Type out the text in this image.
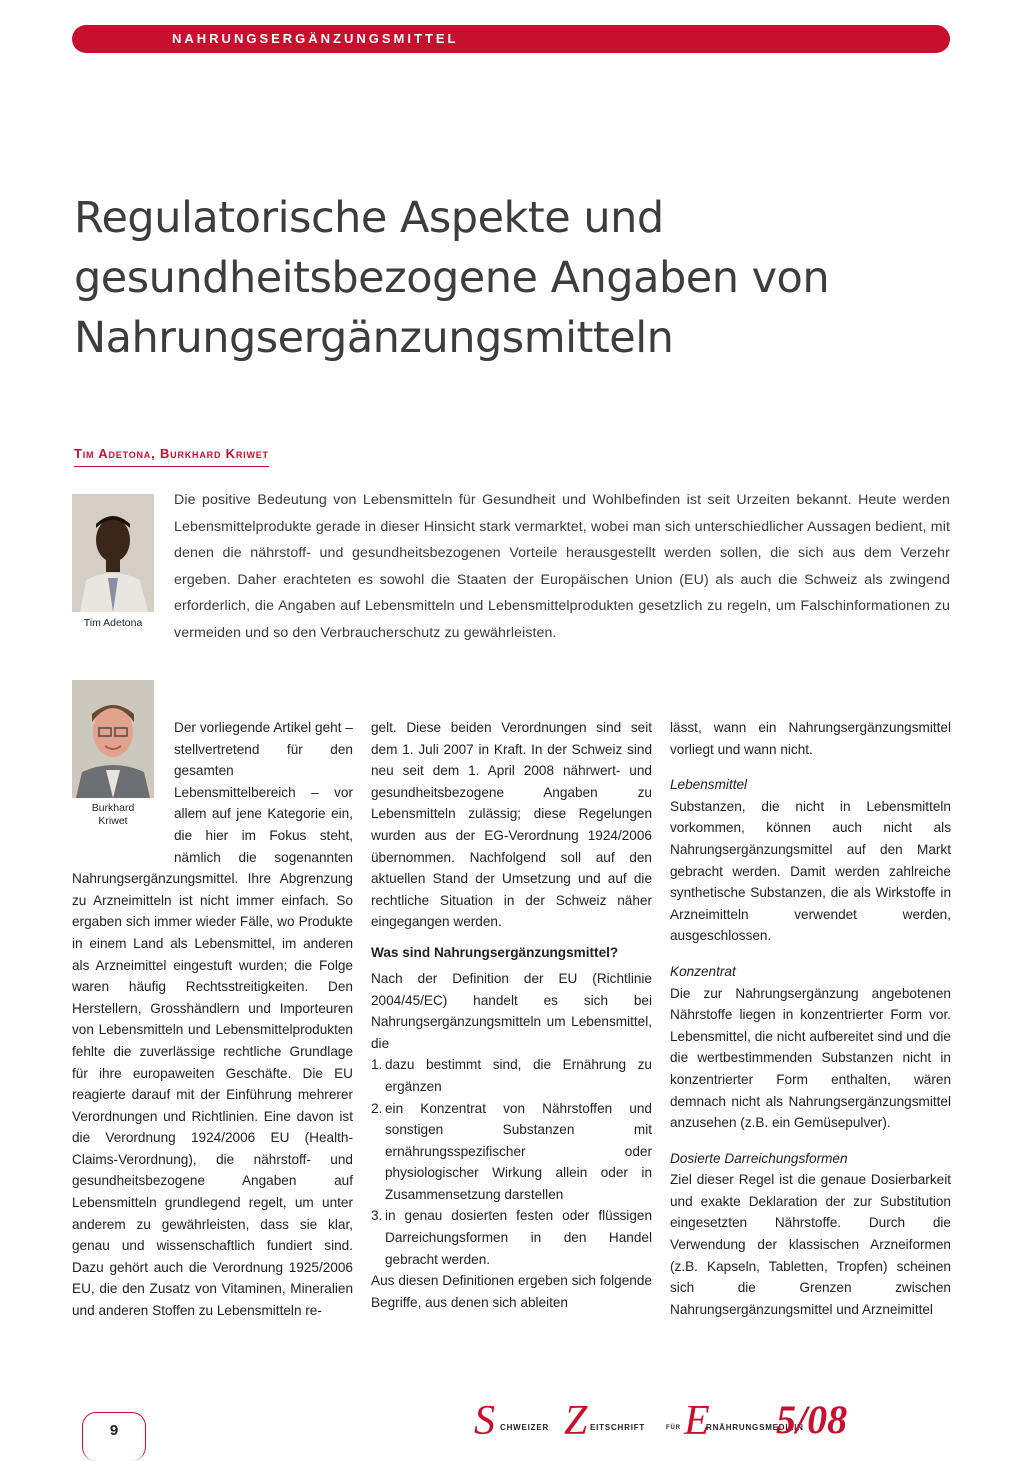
NAHRUNGSERGÄNZUNGSMITTEL
Regulatorische Aspekte und
gesundheitsbezogene Angaben von
Nahrungsergänzungsmitteln
Tim Adetona, Burkhard Kriwet
Tim Adetona
Burkhard
Kriwet

Die positive Bedeutung von Lebensmitteln für Gesundheit und Wohlbefinden ist seit Urzeiten bekannt. Heute werden Lebensmittelprodukte gerade in dieser Hinsicht stark vermarktet, wobei man sich unterschiedlicher Aussagen bedient, mit denen die nährstoff- und gesundheitsbezogenen Vorteile herausgestellt werden sollen, die sich aus dem Verzehr ergeben. Daher erachteten es sowohl die Staaten der Europäischen Union (EU) als auch die Schweiz als zwingend erforderlich, die Angaben auf Lebensmitteln und Lebensmittelprodukten gesetzlich zu regeln, um Falschinformationen zu vermeiden und so den Verbraucherschutz zu gewährleisten.

Der vorliegende Artikel geht – stellvertretend für den gesamten Lebensmittelbereich – vor allem auf jene Kategorie ein, die hier im Fokus steht, nämlich die sogenannten Nahrungsergänzungsmittel. Ihre Abgrenzung zu Arzneimitteln ist nicht immer einfach. So ergaben sich immer wieder Fälle, wo Produkte in einem Land als Lebensmittel, im anderen als Arzneimittel eingestuft wurden; die Folge waren häufig Rechtsstreitigkeiten. Den Herstellern, Grosshändlern und Importeuren von Lebensmitteln und Lebensmittelprodukten fehlte die zuverlässige rechtliche Grundlage für ihre europaweiten Geschäfte. Die EU reagierte darauf mit der Einführung mehrerer Verordnungen und Richtlinien. Eine davon ist die Verordnung 1924/2006 EU (Health-Claims-Verordnung), die nährstoff- und gesundheitsbezogene Angaben auf Lebensmitteln grundlegend regelt, um unter anderem zu gewährleisten, dass sie klar, genau und wissenschaftlich fundiert sind. Dazu gehört auch die Verordnung 1925/2006 EU, die den Zusatz von Vitaminen, Mineralien und anderen Stoffen zu Lebensmitteln re-

gelt. Diese beiden Verordnungen sind seit dem 1. Juli 2007 in Kraft. In der Schweiz sind neu seit dem 1. April 2008 nährwert- und gesundheitsbezogene Angaben zu Lebensmitteln zulässig; diese Regelungen wurden aus der EG-Verordnung 1924/2006 übernommen. Nachfolgend soll auf den aktuellen Stand der Umsetzung und auf die rechtliche Situation in der Schweiz näher eingegangen werden.

Was sind Nahrungsergänzungsmittel?

Nach der Definition der EU (Richtlinie 2004/45/EC) handelt es sich bei Nahrungsergänzungsmitteln um Lebensmittel, die

1. dazu bestimmt sind, die Ernährung zu ergänzen
2. ein Konzentrat von Nährstoffen und sonstigen Substanzen mit ernährungsspezifischer oder physiologischer Wirkung allein oder in Zusammensetzung darstellen
3. in genau dosierten festen oder flüssigen Darreichungsformen in den Handel gebracht werden.

Aus diesen Definitionen ergeben sich folgende Begriffe, aus denen sich ableiten

lässt, wann ein Nahrungsergänzungsmittel vorliegt und wann nicht.

Lebensmittel

Substanzen, die nicht in Lebensmitteln vorkommen, können auch nicht als Nahrungsergänzungsmittel auf den Markt gebracht werden. Damit werden zahlreiche synthetische Substanzen, die als Wirkstoffe in Arzneimitteln verwendet werden, ausgeschlossen.

Konzentrat

Die zur Nahrungsergänzung angebotenen Nährstoffe liegen in konzentrierter Form vor. Lebensmittel, die nicht aufbereitet sind und die die wertbestimmenden Substanzen nicht in konzentrierter Form enthalten, wären demnach nicht als Nahrungsergänzungsmittel anzusehen (z.B. ein Gemüsepulver).

Dosierte Darreichungsformen

Ziel dieser Regel ist die genaue Dosierbarkeit und exakte Deklaration der zur Substitution eingesetzten Nährstoffe. Durch die Verwendung der klassischen Arzneiformen (z.B. Kapseln, Tabletten, Tropfen) scheinen sich die Grenzen zwischen Nahrungsergänzungsmittel und Arzneimittel

9	S CHWEIZER Z EITSCHRIFT	FÜR E
RNÄHRUNGSMEDIZIN
5/08
